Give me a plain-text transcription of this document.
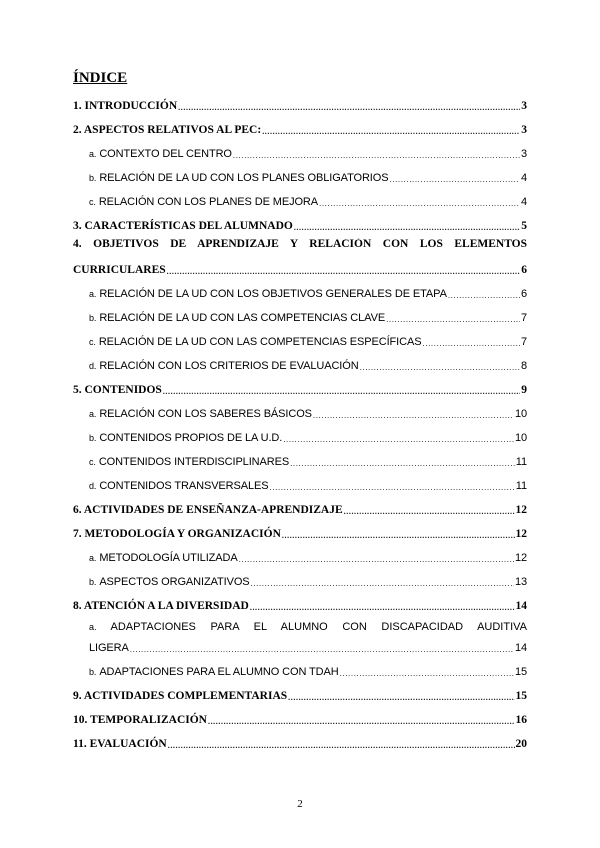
ÍNDICE
1. INTRODUCCIÓN .....	3
2. ASPECTOS RELATIVOS AL PEC: .....	3
a. CONTEXTO DEL CENTRO .....	3
b. RELACIÓN DE LA UD CON LOS PLANES OBLIGATORIOS .....	4
c. RELACIÓN CON LOS PLANES DE MEJORA .....	4
3. CARACTERÍSTICAS DEL ALUMNADO .....	5
4. OBJETIVOS DE APRENDIZAJE Y RELACIÓN CON LOS ELEMENTOS
CURRICULARES .....	6
a. RELACIÓN DE LA UD CON LOS OBJETIVOS GENERALES DE ETAPA .....	6
b. RELACIÓN DE LA UD CON LAS COMPETENCIAS CLAVE .....	7
c. RELACIÓN DE LA UD CON LAS COMPETENCIAS ESPECÍFICAS .....	7
d. RELACIÓN CON LOS CRITERIOS DE EVALUACIÓN .....	8
5. CONTENIDOS .....	9
a. RELACIÓN CON LOS SABERES BÁSICOS .....	10
b. CONTENIDOS PROPIOS DE LA U.D. .....	10
c. CONTENIDOS INTERDISCIPLINARES .....	11
d. CONTENIDOS TRANSVERSALES .....	11
6. ACTIVIDADES DE ENSEÑANZA-APRENDIZAJE .....	12
7. METODOLOGÍA Y ORGANIZACIÓN .....	12
a. METODOLOGÍA UTILIZADA .....	12
b. ASPECTOS ORGANIZATIVOS .....	13
8. ATENCIÓN A LA DIVERSIDAD .....	14
a. ADAPTACIONES PARA EL ALUMNO CON DISCAPACIDAD AUDITIVA
LIGERA .....	14
b. ADAPTACIONES PARA EL ALUMNO CON TDAH .....	15
9. ACTIVIDADES COMPLEMENTARIAS .....	15
10. TEMPORALIZACIÓN .....	16
11. EVALUACIÓN .....	20
2
